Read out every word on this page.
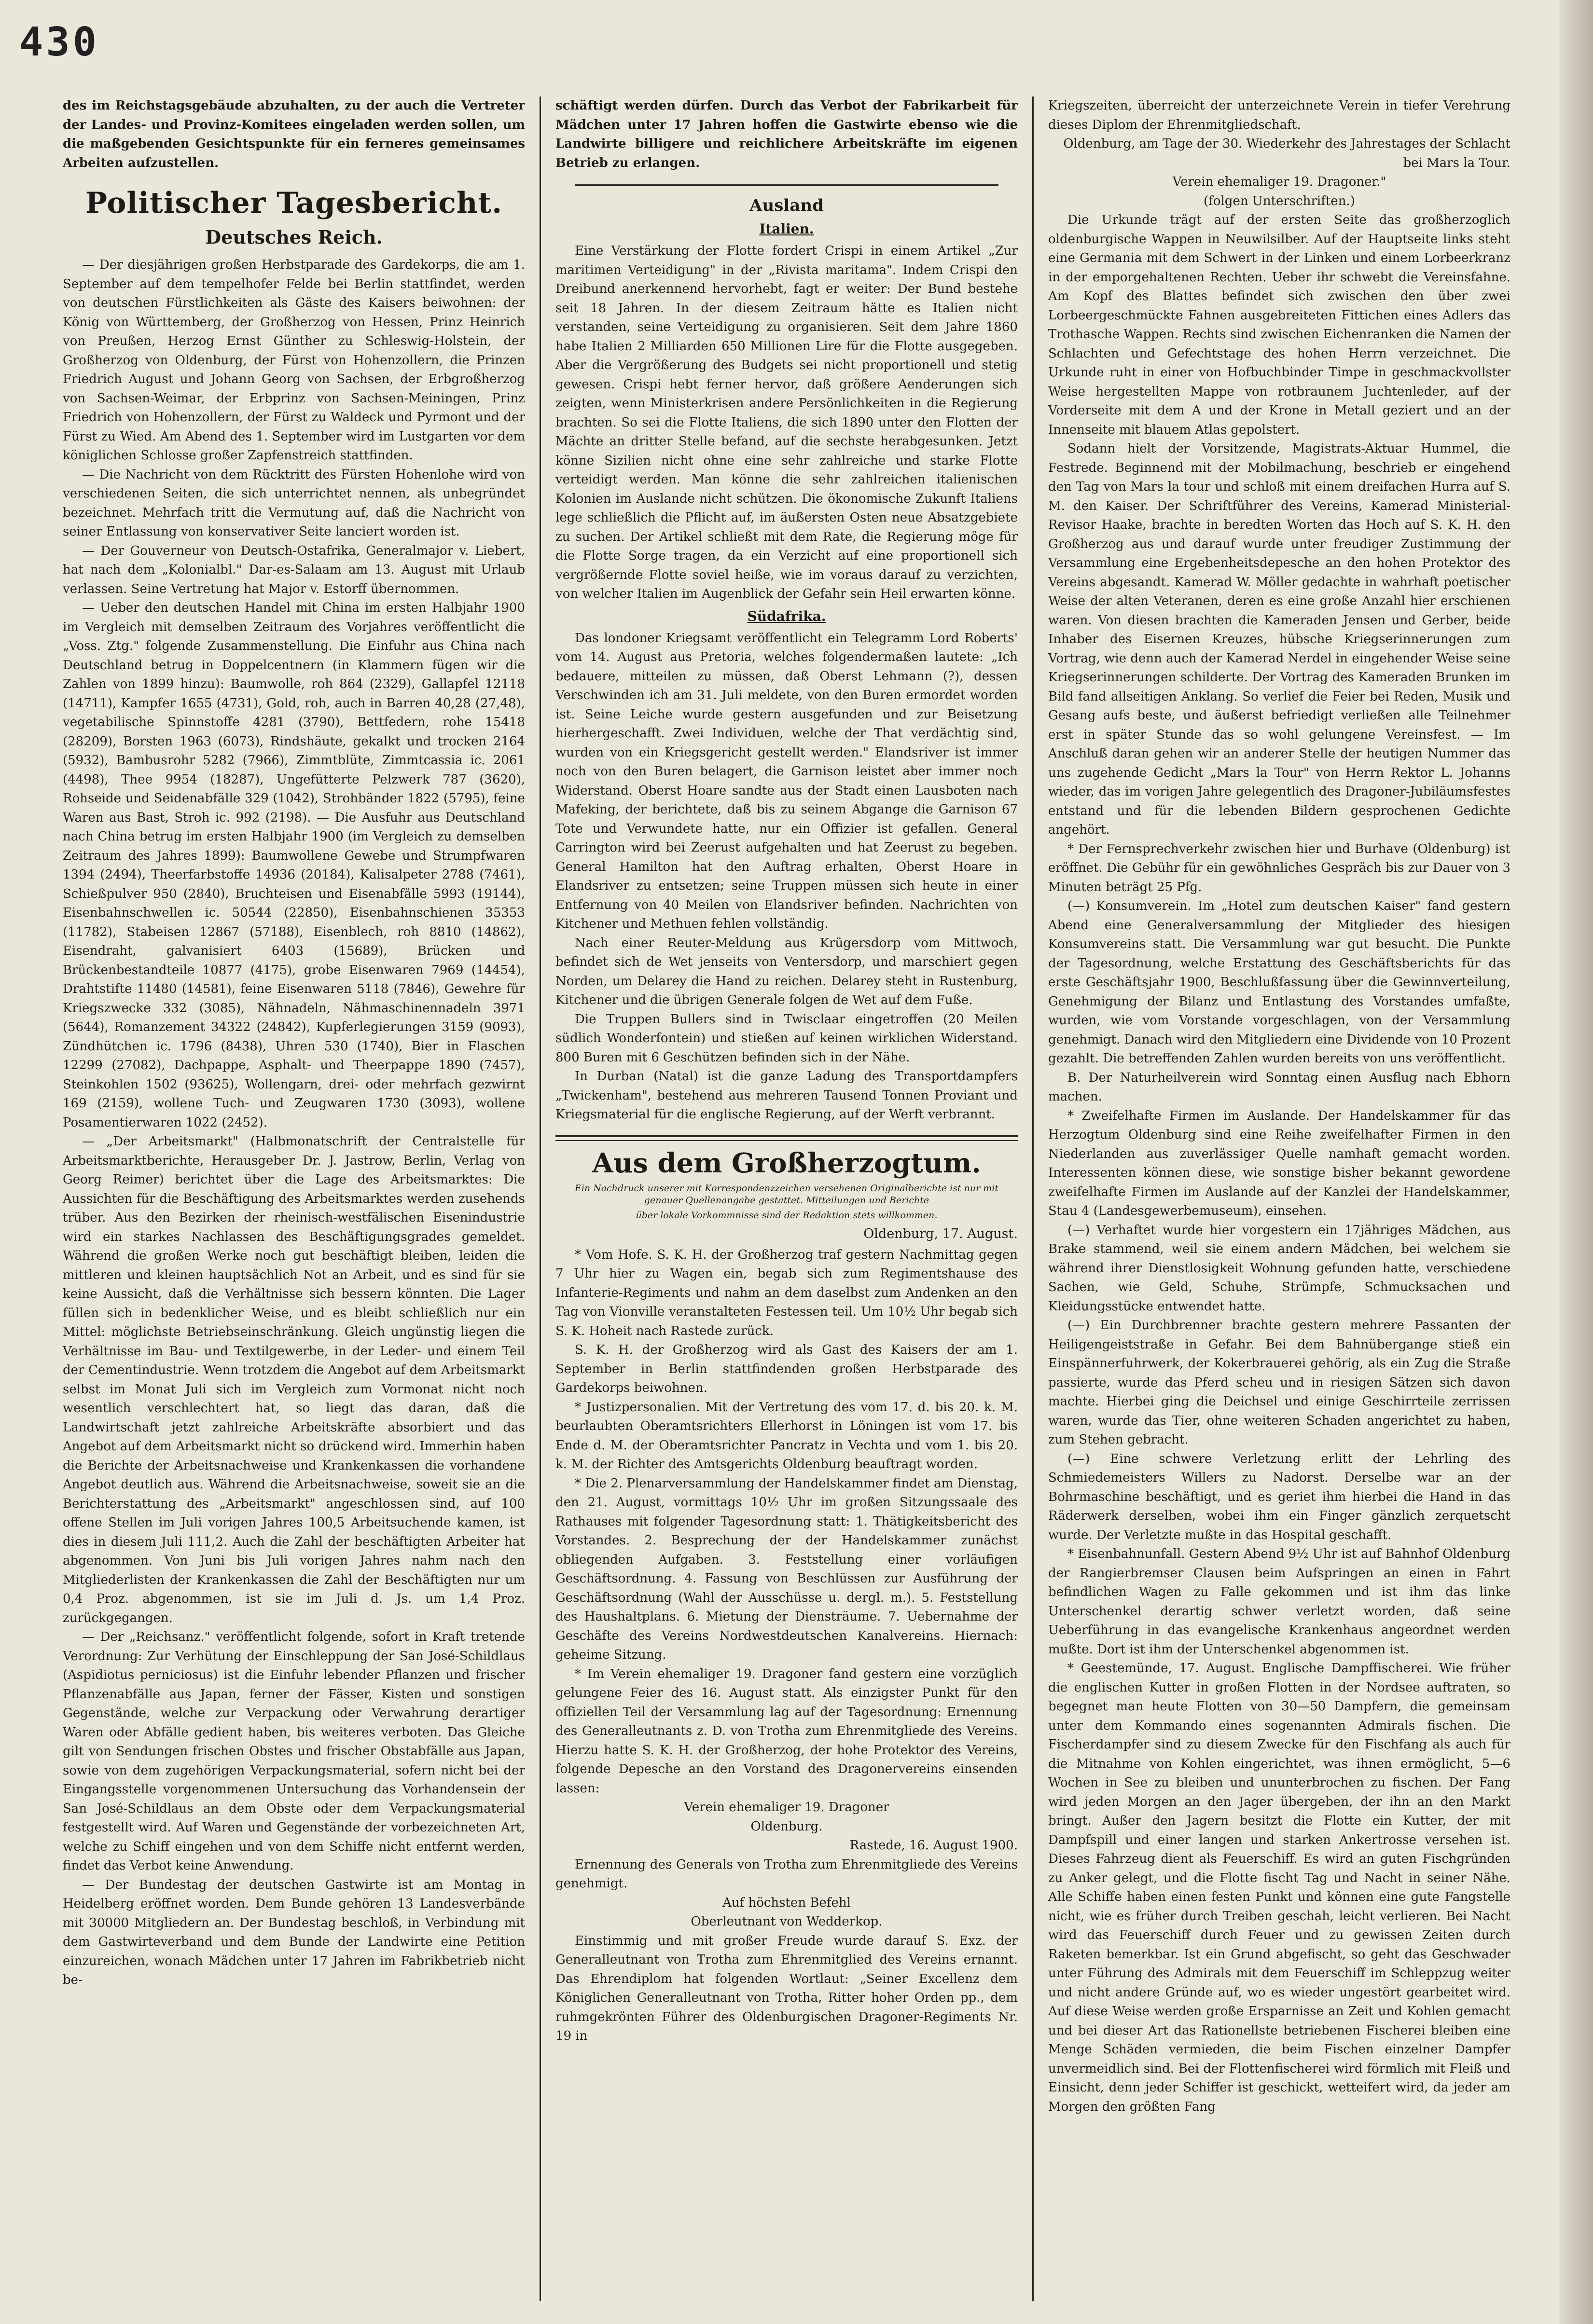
430

des im Reichstagsgebäude abzuhalten, zu der auch die Vertreter der Landes- und Provinz-Komitees eingeladen werden sollen, um die maßgebenden Gesichtspunkte für ein ferneres gemeinsames Arbeiten aufzustellen.

Politischer Tagesbericht.
Deutsches Reich.

— Der diesjährigen großen Herbstparade des Gardekorps, die am 1. September auf dem tempelhofer Felde bei Berlin stattfindet, werden von deutschen Fürstlichkeiten als Gäste des Kaisers beiwohnen: der König von Württemberg, der Großherzog von Hessen, Prinz Heinrich von Preußen, Herzog Ernst Günther zu Schleswig-Holstein, der Großherzog von Oldenburg, der Fürst von Hohenzollern, die Prinzen Friedrich August und Johann Georg von Sachsen, der Erbgroßherzog von Sachsen-Weimar, der Erbprinz von Sachsen-Meiningen, Prinz Friedrich von Hohenzollern, der Fürst zu Waldeck und Pyrmont und der Fürst zu Wied. Am Abend des 1. September wird im Lustgarten vor dem königlichen Schlosse großer Zapfenstreich stattfinden.

— Die Nachricht von dem Rücktritt des Fürsten Hohenlohe wird von verschiedenen Seiten, die sich unterrichtet nennen, als unbegründet bezeichnet. Mehrfach tritt die Vermutung auf, daß die Nachricht von seiner Entlassung von konservativer Seite lanciert worden ist.

— Der Gouverneur von Deutsch-Ostafrika, Generalmajor v. Liebert, hat nach dem „Kolonialbl." Dar-es-Salaam am 13. August mit Urlaub verlassen. Seine Vertretung hat Major v. Estorff übernommen.

— Ueber den deutschen Handel mit China im ersten Halbjahr 1900 im Vergleich mit demselben Zeitraum des Vorjahres veröffentlicht die „Voss. Ztg." folgende Zusammenstellung. Die Einfuhr aus China nach Deutschland betrug in Doppelcentnern (in Klammern fügen wir die Zahlen von 1899 hinzu): Baumwolle, roh 864 (2329), Gallapfel 12118 (14711), Kampfer 1655 (4731), Gold, roh, auch in Barren 40,28 (27,48), vegetabilische Spinnstoffe 4281 (3790), Bettfedern, rohe 15418 (28209), Borsten 1963 (6073), Rindshäute, gekalkt und trocken 2164 (5932), Bambusrohr 5282 (7966), Zimmtblüte, Zimmtcassia ic. 2061 (4498), Thee 9954 (18287), Ungefütterte Pelzwerk 787 (3620), Rohseide und Seidenabfälle 329 (1042), Strohbänder 1822 (5795), feine Waren aus Bast, Stroh ic. 992 (2198). — Die Ausfuhr aus Deutschland nach China betrug im ersten Halbjahr 1900 (im Vergleich zu demselben Zeitraum des Jahres 1899): Baumwollene Gewebe und Strumpfwaren 1394 (2494), Theerfarbstoffe 14936 (20184), Kalisalpeter 2788 (7461), Schießpulver 950 (2840), Bruchteisen und Eisenabfälle 5993 (19144), Eisenbahnschwellen ic. 50544 (22850), Eisenbahnschienen 35353 (11782), Stabeisen 12867 (57188), Eisenblech, roh 8810 (14862), Eisendraht, galvanisiert 6403 (15689), Brücken und Brückenbestandteile 10877 (4175), grobe Eisenwaren 7969 (14454), Drahtstifte 11480 (14581), feine Eisenwaren 5118 (7846), Gewehre für Kriegszwecke 332 (3085), Nähnadeln, Nähmaschinennadeln 3971 (5644), Romanzement 34322 (24842), Kupferlegierungen 3159 (9093), Zündhütchen ic. 1796 (8438), Uhren 530 (1740), Bier in Flaschen 12299 (27082), Dachpappe, Asphalt- und Theerpappe 1890 (7457), Steinkohlen 1502 (93625), Wollengarn, drei- oder mehrfach gezwirnt 169 (2159), wollene Tuch- und Zeugwaren 1730 (3093), wollene Posamentierwaren 1022 (2452).

— „Der Arbeitsmarkt" (Halbmonatschrift der Centralstelle für Arbeitsmarktberichte, Herausgeber Dr. J. Jastrow, Berlin, Verlag von Georg Reimer) berichtet über die Lage des Arbeitsmarktes: Die Aussichten für die Beschäftigung des Arbeitsmarktes werden zusehends trüber. Aus den Bezirken der rheinisch-westfälischen Eisenindustrie wird ein starkes Nachlassen des Beschäftigungsgrades gemeldet. Während die großen Werke noch gut beschäftigt bleiben, leiden die mittleren und kleinen hauptsächlich Not an Arbeit, und es sind für sie keine Aussicht, daß die Verhältnisse sich bessern könnten. Die Lager füllen sich in bedenklicher Weise, und es bleibt schließlich nur ein Mittel: möglichste Betriebseinschränkung. Gleich ungünstig liegen die Verhältnisse im Bau- und Textilgewerbe, in der Leder- und einem Teil der Cementindustrie. Wenn trotzdem die Angebot auf dem Arbeitsmarkt selbst im Monat Juli sich im Vergleich zum Vormonat nicht noch wesentlich verschlechtert hat, so liegt das daran, daß die Landwirtschaft jetzt zahlreiche Arbeitskräfte absorbiert und das Angebot auf dem Arbeitsmarkt nicht so drückend wird. Immerhin haben die Berichte der Arbeitsnachweise und Krankenkassen die vorhandene Angebot deutlich aus. Während die Arbeitsnachweise, soweit sie an die Berichterstattung des „Arbeitsmarkt" angeschlossen sind, auf 100 offene Stellen im Juli vorigen Jahres 100,5 Arbeitsuchende kamen, ist dies in diesem Juli 111,2. Auch die Zahl der beschäftigten Arbeiter hat abgenommen. Von Juni bis Juli vorigen Jahres nahm nach den Mitgliederlisten der Krankenkassen die Zahl der Beschäftigten nur um 0,4 Proz. abgenommen, ist sie im Juli d. Js. um 1,4 Proz. zurückgegangen.

— Der „Reichsanz." veröffentlicht folgende, sofort in Kraft tretende Verordnung: Zur Verhütung der Einschleppung der San José-Schildlaus (Aspidiotus perniciosus) ist die Einfuhr lebender Pflanzen und frischer Pflanzenabfälle aus Japan, ferner der Fässer, Kisten und sonstigen Gegenstände, welche zur Verpackung oder Verwahrung derartiger Waren oder Abfälle gedient haben, bis weiteres verboten. Das Gleiche gilt von Sendungen frischen Obstes und frischer Obstabfälle aus Japan, sowie von dem zugehörigen Verpackungsmaterial, sofern nicht bei der Eingangsstelle vorgenommenen Untersuchung das Vorhandensein der San José-Schildlaus an dem Obste oder dem Verpackungsmaterial festgestellt wird. Auf Waren und Gegenstände der vorbezeichneten Art, welche zu Schiff eingehen und von dem Schiffe nicht entfernt werden, findet das Verbot keine Anwendung.

— Der Bundestag der deutschen Gastwirte ist am Montag in Heidelberg eröffnet worden. Dem Bunde gehören 13 Landesverbände mit 30000 Mitgliedern an. Der Bundestag beschloß, in Verbindung mit dem Gastwirteverband und dem Bunde der Landwirte eine Petition einzureichen, wonach Mädchen unter 17 Jahren im Fabrikbetrieb nicht be-

schäftigt werden dürfen. Durch das Verbot der Fabrikarbeit für Mädchen unter 17 Jahren hoffen die Gastwirte ebenso wie die Landwirte billigere und reichlichere Arbeitskräfte im eigenen Betrieb zu erlangen.

Ausland
Italien.

Eine Verstärkung der Flotte fordert Crispi in einem Artikel „Zur maritimen Verteidigung" in der „Rivista maritama". Indem Crispi den Dreibund anerkennend hervorhebt, fagt er weiter: Der Bund bestehe seit 18 Jahren. In der diesem Zeitraum hätte es Italien nicht verstanden, seine Verteidigung zu organisieren. Seit dem Jahre 1860 habe Italien 2 Milliarden 650 Millionen Lire für die Flotte ausgegeben. Aber die Vergrößerung des Budgets sei nicht proportionell und stetig gewesen. Crispi hebt ferner hervor, daß größere Aenderungen sich zeigten, wenn Ministerkrisen andere Persönlichkeiten in die Regierung brachten. So sei die Flotte Italiens, die sich 1890 unter den Flotten der Mächte an dritter Stelle befand, auf die sechste herabgesunken. Jetzt könne Sizilien nicht ohne eine sehr zahlreiche und starke Flotte verteidigt werden. Man könne die sehr zahlreichen italienischen Kolonien im Auslande nicht schützen. Die ökonomische Zukunft Italiens lege schließlich die Pflicht auf, im äußersten Osten neue Absatzgebiete zu suchen. Der Artikel schließt mit dem Rate, die Regierung möge für die Flotte Sorge tragen, da ein Verzicht auf eine proportionell sich vergrößernde Flotte soviel heiße, wie im voraus darauf zu verzichten, von welcher Italien im Augenblick der Gefahr sein Heil erwarten könne.

Südafrika.

Das londoner Kriegsamt veröffentlicht ein Telegramm Lord Roberts' vom 14. August aus Pretoria, welches folgendermaßen lautete: „Ich bedauere, mitteilen zu müssen, daß Oberst Lehmann (?), dessen Verschwinden ich am 31. Juli meldete, von den Buren ermordet worden ist. Seine Leiche wurde gestern ausgefunden und zur Beisetzung hierhergeschafft. Zwei Individuen, welche der That verdächtig sind, wurden von ein Kriegsgericht gestellt werden." Elandsriver ist immer noch von den Buren belagert, die Garnison leistet aber immer noch Widerstand. Oberst Hoare sandte aus der Stadt einen Lausboten nach Mafeking, der berichtete, daß bis zu seinem Abgange die Garnison 67 Tote und Verwundete hatte, nur ein Offizier ist gefallen. General Carrington wird bei Zeerust aufgehalten und hat Zeerust zu begeben. General Hamilton hat den Auftrag erhalten, Oberst Hoare in Elandsriver zu entsetzen; seine Truppen müssen sich heute in einer Entfernung von 40 Meilen von Elandsriver befinden. Nachrichten von Kitchener und Methuen fehlen vollständig.

Nach einer Reuter-Meldung aus Krügersdorp vom Mittwoch, befindet sich de Wet jenseits von Ventersdorp, und marschiert gegen Norden, um Delarey die Hand zu reichen. Delarey steht in Rustenburg, Kitchener und die übrigen Generale folgen de Wet auf dem Fuße.

Die Truppen Bullers sind in Twisclaar eingetroffen (20 Meilen südlich Wonderfontein) und stießen auf keinen wirklichen Widerstand. 800 Buren mit 6 Geschützen befinden sich in der Nähe.

In Durban (Natal) ist die ganze Ladung des Transportdampfers „Twickenham", bestehend aus mehreren Tausend Tonnen Proviant und Kriegsmaterial für die englische Regierung, auf der Werft verbrannt.

Aus dem Großherzogtum.
Ein Nachdruck unserer mit Korrespondenzzeichen versehenen Originalberichte ist nur mit genauer Quellenangabe gestattet. Mitteilungen und Berichte
über lokale Vorkommnisse sind der Redaktion stets willkommen.
Oldenburg, 17. August.

* Vom Hofe. S. K. H. der Großherzog traf gestern Nachmittag gegen 7 Uhr hier zu Wagen ein, begab sich zum Regimentshause des Infanterie-Regiments und nahm an dem daselbst zum Andenken an den Tag von Vionville veranstalteten Festessen teil. Um 10½ Uhr begab sich S. K. Hoheit nach Rastede zurück.

S. K. H. der Großherzog wird als Gast des Kaisers der am 1. September in Berlin stattfindenden großen Herbstparade des Gardekorps beiwohnen.

* Justizpersonalien. Mit der Vertretung des vom 17. d. bis 20. k. M. beurlaubten Oberamtsrichters Ellerhorst in Löningen ist vom 17. bis Ende d. M. der Oberamtsrichter Pancratz in Vechta und vom 1. bis 20. k. M. der Richter des Amtsgerichts Oldenburg beauftragt worden.

* Die 2. Plenarversammlung der Handelskammer findet am Dienstag, den 21. August, vormittags 10½ Uhr im großen Sitzungssaale des Rathauses mit folgender Tagesordnung statt: 1. Thätigkeitsbericht des Vorstandes. 2. Besprechung der der Handelskammer zunächst obliegenden Aufgaben. 3. Feststellung einer vorläufigen Geschäftsordnung. 4. Fassung von Beschlüssen zur Ausführung der Geschäftsordnung (Wahl der Ausschüsse u. dergl. m.). 5. Feststellung des Haushaltplans. 6. Mietung der Diensträume. 7. Uebernahme der Geschäfte des Vereins Nordwestdeutschen Kanalvereins. Hiernach: geheime Sitzung.

* Im Verein ehemaliger 19. Dragoner fand gestern eine vorzüglich gelungene Feier des 16. August statt. Als einzigster Punkt für den offiziellen Teil der Versammlung lag auf der Tagesordnung: Ernennung des Generalleutnants z. D. von Trotha zum Ehrenmitgliede des Vereins. Hierzu hatte S. K. H. der Großherzog, der hohe Protektor des Vereins, folgende Depesche an den Vorstand des Dragonervereins einsenden lassen:

Verein ehemaliger 19. Dragoner

Oldenburg.

Rastede, 16. August 1900.

Ernennung des Generals von Trotha zum Ehrenmitgliede des Vereins genehmigt.

Auf höchsten Befehl

Oberleutnant von Wedderkop.

Einstimmig und mit großer Freude wurde darauf S. Exz. der Generalleutnant von Trotha zum Ehrenmitglied des Vereins ernannt. Das Ehrendiplom hat folgenden Wortlaut: „Seiner Excellenz dem Königlichen Generalleutnant von Trotha, Ritter hoher Orden pp., dem ruhmgekrönten Führer des Oldenburgischen Dragoner-Regiments Nr. 19 in

Kriegszeiten, überreicht der unterzeichnete Verein in tiefer Verehrung dieses Diplom der Ehrenmitgliedschaft.

Oldenburg, am Tage der 30. Wiederkehr des Jahrestages der Schlacht bei Mars la Tour.

Verein ehemaliger 19. Dragoner."

(folgen Unterschriften.)

Die Urkunde trägt auf der ersten Seite das großherzoglich oldenburgische Wappen in Neuwilsilber. Auf der Hauptseite links steht eine Germania mit dem Schwert in der Linken und einem Lorbeerkranz in der emporgehaltenen Rechten. Ueber ihr schwebt die Vereinsfahne. Am Kopf des Blattes befindet sich zwischen den über zwei Lorbeergeschmückte Fahnen ausgebreiteten Fittichen eines Adlers das Trothasche Wappen. Rechts sind zwischen Eichenranken die Namen der Schlachten und Gefechtstage des hohen Herrn verzeichnet. Die Urkunde ruht in einer von Hofbuchbinder Timpe in geschmackvollster Weise hergestellten Mappe von rotbraunem Juchtenleder, auf der Vorderseite mit dem A und der Krone in Metall geziert und an der Innenseite mit blauem Atlas gepolstert.

Sodann hielt der Vorsitzende, Magistrats-Aktuar Hummel, die Festrede. Beginnend mit der Mobilmachung, beschrieb er eingehend den Tag von Mars la tour und schloß mit einem dreifachen Hurra auf S. M. den Kaiser. Der Schriftführer des Vereins, Kamerad Ministerial-Revisor Haake, brachte in beredten Worten das Hoch auf S. K. H. den Großherzog aus und darauf wurde unter freudiger Zustimmung der Versammlung eine Ergebenheitsdepesche an den hohen Protektor des Vereins abgesandt. Kamerad W. Möller gedachte in wahrhaft poetischer Weise der alten Veteranen, deren es eine große Anzahl hier erschienen waren. Von diesen brachten die Kameraden Jensen und Gerber, beide Inhaber des Eisernen Kreuzes, hübsche Kriegserinnerungen zum Vortrag, wie denn auch der Kamerad Nerdel in eingehender Weise seine Kriegserinnerungen schilderte. Der Vortrag des Kameraden Brunken im Bild fand allseitigen Anklang. So verlief die Feier bei Reden, Musik und Gesang aufs beste, und äußerst befriedigt verließen alle Teilnehmer erst in später Stunde das so wohl gelungene Vereinsfest. — Im Anschluß daran gehen wir an anderer Stelle der heutigen Nummer das uns zugehende Gedicht „Mars la Tour" von Herrn Rektor L. Johanns wieder, das im vorigen Jahre gelegentlich des Dragoner-Jubiläumsfestes entstand und für die lebenden Bildern gesprochenen Gedichte angehört.

* Der Fernsprechverkehr zwischen hier und Burhave (Oldenburg) ist eröffnet. Die Gebühr für ein gewöhnliches Gespräch bis zur Dauer von 3 Minuten beträgt 25 Pfg.

(—) Konsumverein. Im „Hotel zum deutschen Kaiser" fand gestern Abend eine Generalversammlung der Mitglieder des hiesigen Konsumvereins statt. Die Versammlung war gut besucht. Die Punkte der Tagesordnung, welche Erstattung des Geschäftsberichts für das erste Geschäftsjahr 1900, Beschlußfassung über die Gewinnverteilung, Genehmigung der Bilanz und Entlastung des Vorstandes umfaßte, wurden, wie vom Vorstande vorgeschlagen, von der Versammlung genehmigt. Danach wird den Mitgliedern eine Dividende von 10 Prozent gezahlt. Die betreffenden Zahlen wurden bereits von uns veröffentlicht.

B. Der Naturheilverein wird Sonntag einen Ausflug nach Ebhorn machen.

* Zweifelhafte Firmen im Auslande. Der Handelskammer für das Herzogtum Oldenburg sind eine Reihe zweifelhafter Firmen in den Niederlanden aus zuverlässiger Quelle namhaft gemacht worden. Interessenten können diese, wie sonstige bisher bekannt gewordene zweifelhafte Firmen im Auslande auf der Kanzlei der Handelskammer, Stau 4 (Landesgewerbemuseum), einsehen.

(—) Verhaftet wurde hier vorgestern ein 17jähriges Mädchen, aus Brake stammend, weil sie einem andern Mädchen, bei welchem sie während ihrer Dienstlosigkeit Wohnung gefunden hatte, verschiedene Sachen, wie Geld, Schuhe, Strümpfe, Schmucksachen und Kleidungsstücke entwendet hatte.

(—) Ein Durchbrenner brachte gestern mehrere Passanten der Heiligengeiststraße in Gefahr. Bei dem Bahnübergange stieß ein Einspännerfuhrwerk, der Kokerbrauerei gehörig, als ein Zug die Straße passierte, wurde das Pferd scheu und in riesigen Sätzen sich davon machte. Hierbei ging die Deichsel und einige Geschirrteile zerrissen waren, wurde das Tier, ohne weiteren Schaden angerichtet zu haben, zum Stehen gebracht.

(—) Eine schwere Verletzung erlitt der Lehrling des Schmiedemeisters Willers zu Nadorst. Derselbe war an der Bohrmaschine beschäftigt, und es geriet ihm hierbei die Hand in das Räderwerk derselben, wobei ihm ein Finger gänzlich zerquetscht wurde. Der Verletzte mußte in das Hospital geschafft.

* Eisenbahnunfall. Gestern Abend 9½ Uhr ist auf Bahnhof Oldenburg der Rangierbremser Clausen beim Aufspringen an einen in Fahrt befindlichen Wagen zu Falle gekommen und ist ihm das linke Unterschenkel derartig schwer verletzt worden, daß seine Ueberführung in das evangelische Krankenhaus angeordnet werden mußte. Dort ist ihm der Unterschenkel abgenommen ist.

* Geestemünde, 17. August. Englische Dampffischerei. Wie früher die englischen Kutter in großen Flotten in der Nordsee auftraten, so begegnet man heute Flotten von 30—50 Dampfern, die gemeinsam unter dem Kommando eines sogenannten Admirals fischen. Die Fischerdampfer sind zu diesem Zwecke für den Fischfang als auch für die Mitnahme von Kohlen eingerichtet, was ihnen ermöglicht, 5—6 Wochen in See zu bleiben und ununterbrochen zu fischen. Der Fang wird jeden Morgen an den Jager übergeben, der ihn an den Markt bringt. Außer den Jagern besitzt die Flotte ein Kutter, der mit Dampfspill und einer langen und starken Ankertrosse versehen ist. Dieses Fahrzeug dient als Feuerschiff. Es wird an guten Fischgründen zu Anker gelegt, und die Flotte fischt Tag und Nacht in seiner Nähe. Alle Schiffe haben einen festen Punkt und können eine gute Fangstelle nicht, wie es früher durch Treiben geschah, leicht verlieren. Bei Nacht wird das Feuerschiff durch Feuer und zu gewissen Zeiten durch Raketen bemerkbar. Ist ein Grund abgefischt, so geht das Geschwader unter Führung des Admirals mit dem Feuerschiff im Schleppzug weiter und nicht andere Gründe auf, wo es wieder ungestört gearbeitet wird. Auf diese Weise werden große Ersparnisse an Zeit und Kohlen gemacht und bei dieser Art das Rationellste betriebenen Fischerei bleiben eine Menge Schäden vermieden, die beim Fischen einzelner Dampfer unvermeidlich sind. Bei der Flottenfischerei wird förmlich mit Fleiß und Einsicht, denn jeder Schiffer ist geschickt, wetteifert wird, da jeder am Morgen den größten Fang
